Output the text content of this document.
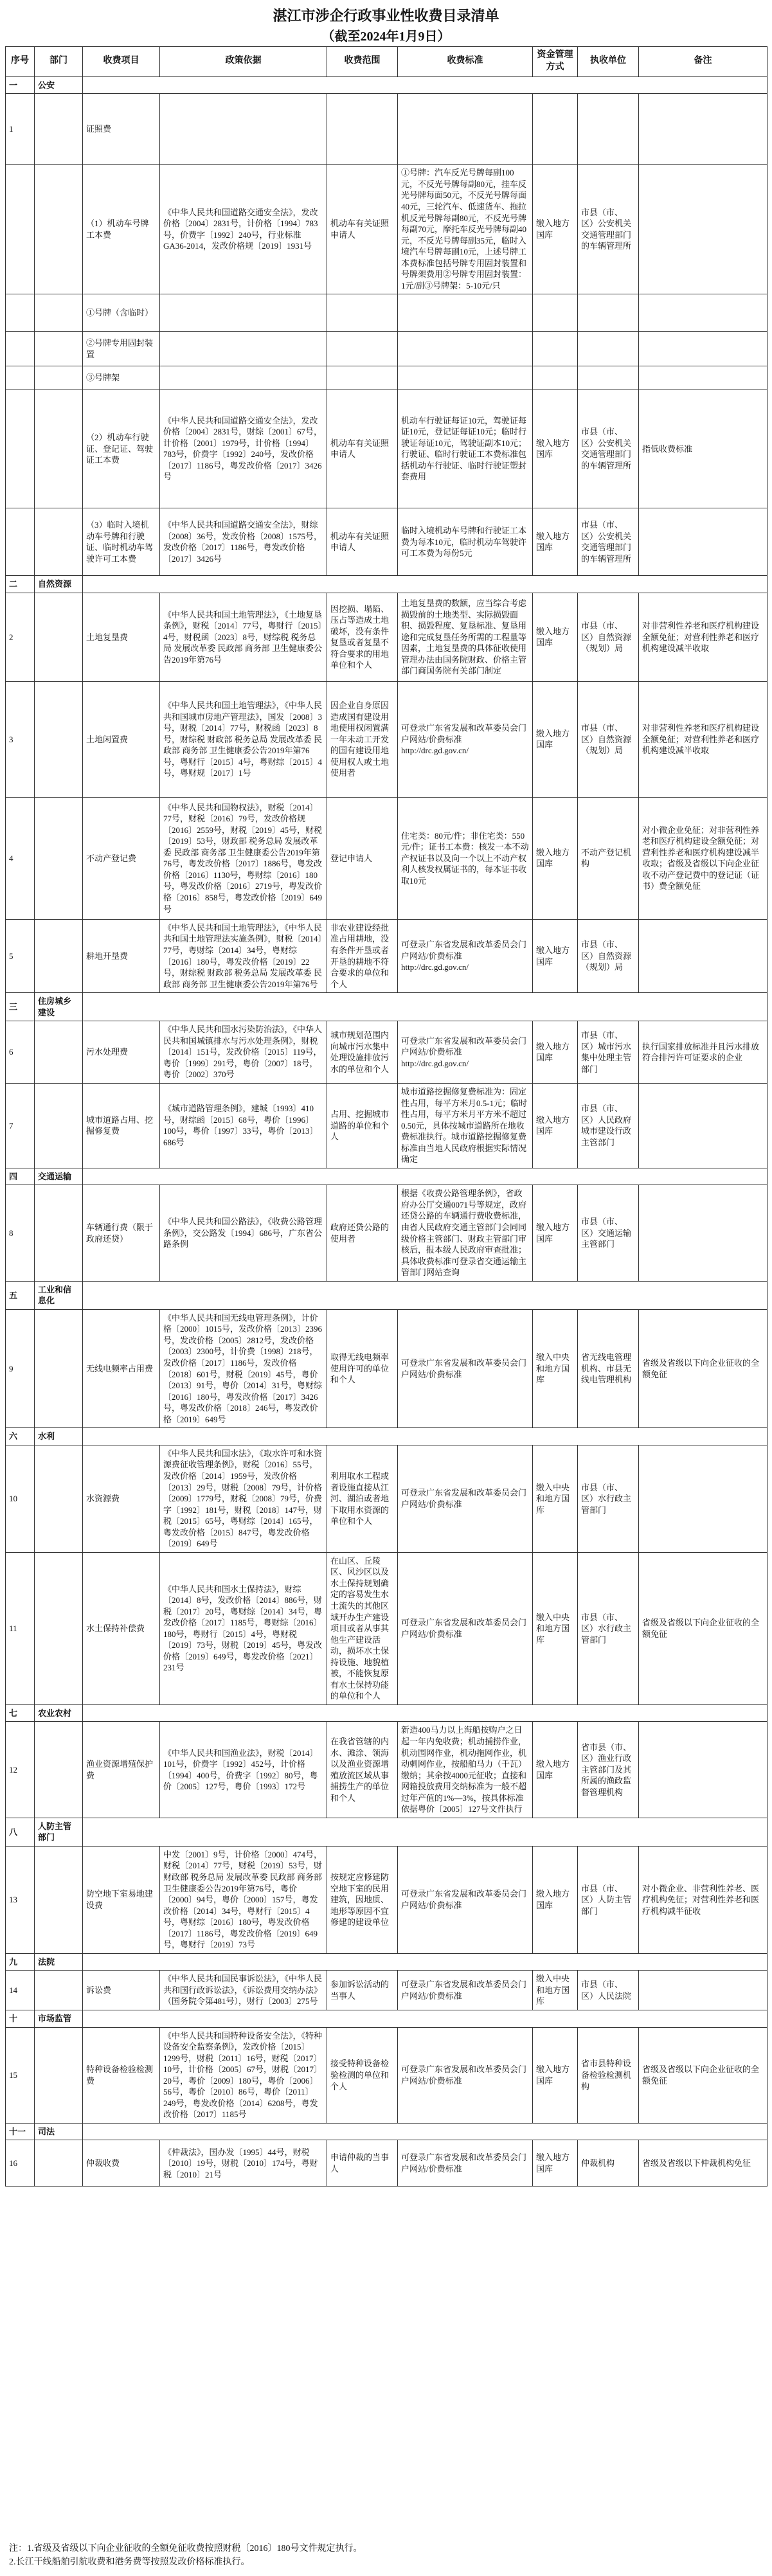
湛江市涉企行政事业性收费目录清单
（截至2024年1月9日）
序号	部门	收费项目	政策依据	收费范围	收费标准	资金管理方式	执收单位	备注
一	公安							
1		证照费						
		（1）机动车号牌工本费	《中华人民共和国道路交通安全法》，发改价格〔2004〕2831号，计价格〔1994〕783号，价费字〔1992〕240号，行业标准GA36-2014，发改价格规〔2019〕1931号	机动车有关证照申请人	①号牌：汽车反光号牌每副100元，不反光号牌每副80元，挂车反光号牌每面50元，不反光号牌每面40元，三轮汽车、低速货车、拖拉机反光号牌每副80元，不反光号牌每副70元，摩托车反光号牌每副40元，不反光号牌每副35元，临时入境汽车号牌每副10元，上述号牌工本费标准包括号牌专用固封装置和号牌架费用②号牌专用固封装置：1元/副③号牌架：5-10元/只	缴入地方国库	市县（市、区）公安机关交通管理部门的车辆管理所	
		①号牌（含临时）						
		②号牌专用固封装置						
		③号牌架						
		（2）机动车行驶证、登记证、驾驶证工本费	《中华人民共和国道路交通安全法》，发改价格〔2004〕2831号，财综〔2001〕67号，计价格〔2001〕1979号，计价格〔1994〕783号，价费字〔1992〕240号，发改价格〔2017〕1186号，粤发改价格〔2017〕3426号	机动车有关证照申请人	机动车行驶证每证10元，驾驶证每证10元，登记证每证10元；临时行驶证每证10元，驾驶证副本10元；行驶证、临时行驶证工本费标准包括机动车行驶证、临时行驶证塑封套费用	缴入地方国库	市县（市、区）公安机关交通管理部门的车辆管理所	指低收费标准
		（3）临时入境机动车号牌和行驶证、临时机动车驾驶许可工本费	《中华人民共和国道路交通安全法》，财综〔2008〕36号，发改价格〔2008〕1575号，发改价格〔2017〕1186号，粤发改价格〔2017〕3426号	机动车有关证照申请人	临时入境机动车号牌和行驶证工本费为每本10元，临时机动车驾驶许可工本费为每份5元	缴入地方国库	市县（市、区）公安机关交通管理部门的车辆管理所	
二	自然资源							
2		土地复垦费	《中华人民共和国土地管理法》，《土地复垦条例》，财税〔2014〕77号，粤财行〔2015〕4号，财税函〔2023〕8号，财综税 税务总局 发展改革委 民政部 商务部 卫生健康委公告2019年第76号	因挖损、塌陷、压占等造成土地破坏，没有条件复垦或者复垦不符合要求的用地单位和个人	土地复垦费的数额，应当综合考虑损毁前的土地类型、实际损毁面积、损毁程度、复垦标准、复垦用途和完成复垦任务所需的工程量等因素，土地复垦费的具体征收使用管理办法由国务院财政、价格主管部门商国务院有关部门制定	缴入地方国库	市县（市、区）自然资源（规划）局	对非营利性养老和医疗机构建设全额免征；对营利性养老和医疗机构建设减半收取
3		土地闲置费	《中华人民共和国土地管理法》，《中华人民共和国城市房地产管理法》，国发〔2008〕3号，财税〔2014〕77号，财税函〔2023〕8号，财综税 财政部 税务总局 发展改革委 民政部 商务部 卫生健康委公告2019年第76号，粤财行〔2015〕4号，粤财综〔2015〕4号，粤财规〔2017〕1号	因企业自身原因造成国有建设用地使用权闲置满一年未动工开发的国有建设用地使用权人或土地使用者	可登录广东省发展和改革委员会门户网站/价费标准 http://drc.gd.gov.cn/	缴入地方国库	市县（市、区）自然资源（规划）局	对非营利性养老和医疗机构建设全额免征；对营利性养老和医疗机构建设减半收取
4		不动产登记费	《中华人民共和国物权法》，财税〔2014〕77号，财税〔2016〕79号，发改价格规〔2016〕2559号，财税〔2019〕45号，财税〔2019〕53号，财政部 税务总局 发展改革委 民政部 商务部 卫生健康委公告2019年第76号，粤发改价格〔2017〕1886号，粤发改价格〔2016〕1130号，粤财综〔2016〕180号，粤发改价格〔2016〕2719号，粤发改价格〔2016〕858号，粤发改价格〔2019〕649号	登记申请人	住宅类：80元/件；非住宅类：550元/件；证书工本费：核发一本不动产权证书以及向一个以上不动产权利人核发权属证书的，每本证书收取10元	缴入地方国库	不动产登记机构	对小微企业免征；对非营利性养老和医疗机构建设全额免征；对营利性养老和医疗机构建设减半收取；省级及省级以下向企业征收不动产登记费中的登记证（证书）费全额免征
5		耕地开垦费	《中华人民共和国土地管理法》，《中华人民共和国土地管理法实施条例》，财税〔2014〕77号，粤财综〔2014〕34号，粤财综〔2016〕180号，粤发改价格〔2019〕22号，财综税 财政部 税务总局 发展改革委 民政部 商务部 卫生健康委公告2019年第76号	非农业建设经批准占用耕地，没有条件开垦或者开垦的耕地不符合要求的单位和个人	可登录广东省发展和改革委员会门户网站/价费标准 http://drc.gd.gov.cn/	缴入地方国库	市县（市、区）自然资源（规划）局	
三	住房城乡建设							
6		污水处理费	《中华人民共和国水污染防治法》，《中华人民共和国城镇排水与污水处理条例》，财税〔2014〕151号，发改价格〔2015〕119号，粤价〔1999〕291号，粤价〔2007〕18号，粤价〔2002〕370号	城市规划范围内向城市污水集中处理设施排放污水的单位和个人	可登录广东省发展和改革委员会门户网站/价费标准 http://drc.gd.gov.cn/	缴入地方国库	市县（市、区）城市污水集中处理主管部门	执行国家排放标准并且污水排放符合排污许可证要求的企业
7		城市道路占用、挖掘修复费	《城市道路管理条例》，建城〔1993〕410号，财综函〔2015〕68号，粤价〔1996〕100号，粤价〔1997〕33号，粤价〔2013〕686号	占用、挖掘城市道路的单位和个人	城市道路挖掘修复费标准为：固定性占用，每平方米月0.5-1元；临时性占用，每平方米月平方米不超过0.50元，具体按城市道路所在地收费标准执行。城市道路挖掘修复费标准由当地人民政府根据实际情况确定	缴入地方国库	市县（市、区）人民政府城市建设行政主管部门	
四	交通运输							
8		车辆通行费（限于政府还贷）	《中华人民共和国公路法》，《收费公路管理条例》，交公路发〔1994〕686号，广东省公路条例	政府还贷公路的使用者	根据《收费公路管理条例》，省政府办公厅交通0071号等规定，政府还贷公路的车辆通行费收费标准，由省人民政府交通主管部门会同同级价格主管部门、财政主管部门审核后，报本级人民政府审查批准；具体收费标准可登录省交通运输主管部门网站查询	缴入地方国库	市县（市、区）交通运输主管部门	
五	工业和信息化							
9		无线电频率占用费	《中华人民共和国无线电管理条例》，计价格〔2000〕1015号，发改价格〔2013〕2396号，发改价格〔2005〕2812号，发改价格〔2003〕2300号，计价费〔1998〕218号，发改价格〔2017〕1186号，发改价格〔2018〕601号，财税〔2019〕45号，粤价〔2013〕91号，粤价〔2014〕31号，粤财综〔2016〕180号，粤发改价格〔2017〕3426号，粤发改价格〔2018〕246号，粤发改价格〔2019〕649号	取得无线电频率使用许可的单位和个人	可登录广东省发展和改革委员会门户网站/价费标准	缴入中央和地方国库	省无线电管理机构、市县无线电管理机构	省级及省级以下向企业征收的全额免征
六	水利							
10		水资源费	《中华人民共和国水法》，《取水许可和水资源费征收管理条例》，财税〔2016〕55号，发改价格〔2014〕1959号，发改价格〔2013〕29号，财税〔2008〕79号，计价格〔2009〕1779号，财税〔2008〕79号，价费字〔1992〕181号，财税〔2018〕147号，财税〔2015〕65号，粤财综〔2014〕165号，粤发改价格〔2015〕847号，粤发改价格〔2019〕649号	利用取水工程或者设施直接从江河、湖泊或者地下取用水资源的单位和个人	可登录广东省发展和改革委员会门户网站/价费标准	缴入中央和地方国库	市县（市、区）水行政主管部门	
11		水土保持补偿费	《中华人民共和国水土保持法》，财综〔2014〕8号，发改价格〔2014〕886号，财税〔2017〕20号，粤财综〔2014〕34号，粤发改价格〔2017〕1185号，粤财综〔2016〕180号，粤财行〔2015〕4号，粤财税〔2019〕73号，财税〔2019〕45号，粤发改价格〔2019〕649号，粤发改价格〔2021〕231号	在山区、丘陵区、风沙区以及水土保持规划确定的容易发生水土流失的其他区域开办生产建设项目或者从事其他生产建设活动，损坏水土保持设施、地貌植被，不能恢复原有水土保持功能的单位和个人	可登录广东省发展和改革委员会门户网站/价费标准	缴入中央和地方国库	市县（市、区）水行政主管部门	省级及省级以下向企业征收的全额免征
七	农业农村							
12		渔业资源增殖保护费	《中华人民共和国渔业法》，财税〔2014〕101号，价费字〔1992〕452号，计价格〔1994〕400号，价费字〔1992〕80号，粤价〔2005〕127号，粤价〔1993〕172号	在我省管辖的内水、滩涂、领海以及渔业资源增殖放流区域从事捕捞生产的单位和个人	新造400马力以上海船按购户之日起一年内免收费；机动捕捞作业，机动围网作业，机动拖网作业，机动刺网作业，按船舶马力（千瓦）缴纳；其余按4000元征收；直接和网箱投放费用交纳标准为一般不超过年产值的1%—3%，按具体标准依据粤价〔2005〕127号文件执行	缴入地方国库	省市县（市、区）渔业行政主管部门及其所属的渔政监督管理机构	
八	人防主管部门							
13		防空地下室易地建设费	中发〔2001〕9号，计价格〔2000〕474号，财税〔2014〕77号，财税〔2019〕53号，财财政部 税务总局 发展改革委 民政部 商务部 卫生健康委公告2019年第76号，粤价〔2000〕94号，粤价〔2000〕157号，粤发改价格〔2014〕34号，粤财行〔2015〕4号，粤财综〔2016〕180号，粤发改价格〔2017〕1186号，粤发改价格〔2019〕649号，粤财行〔2019〕73号	按规定应修建防空地下室的民用建筑，因地质、地形等原因不宜修建的建设单位	可登录广东省发展和改革委员会门户网站/价费标准	缴入地方国库	市县（市、区）人防主管部门	对小微企业、非营利性养老、医疗机构免征；对营利性养老和医疗机构减半征收
九	法院							
14		诉讼费	《中华人民共和国民事诉讼法》，《中华人民共和国行政诉讼法》，《诉讼费用交纳办法》（国务院令第481号），财行〔2003〕275号	参加诉讼活动的当事人	可登录广东省发展和改革委员会门户网站/价费标准	缴入中央和地方国库	市县（市、区）人民法院	
十	市场监管							
15		特种设备检验检测费	《中华人民共和国特种设备安全法》，《特种设备安全监察条例》，发改价格〔2015〕1299号，财税〔2011〕16号，财税〔2017〕10号，计价格〔2005〕67号，财税〔2017〕20号，粤价〔2009〕180号，粤价〔2006〕56号，粤价〔2010〕86号，粤价〔2011〕249号，粤发改价格〔2014〕6208号，粤发改价格〔2017〕1185号	接受特种设备检验检测的单位和个人	可登录广东省发展和改革委员会门户网站/价费标准	缴入地方国库	省市县特种设备检验检测机构	省级及省级以下向企业征收的全额免征
十一	司法							
16		仲裁收费	《仲裁法》，国办发〔1995〕44号，财税〔2010〕19号，财税〔2010〕174号，粤财税〔2010〕21号	申请仲裁的当事人	可登录广东省发展和改革委员会门户网站/价费标准	缴入地方国库	仲裁机构	省级及省级以下仲裁机构免征
注：1.省级及省级以下向企业征收的全额免征收费按照财税〔2016〕180号文件规定执行。
2.长江干线船舶引航收费和港务费等按照发改价格标准执行。
